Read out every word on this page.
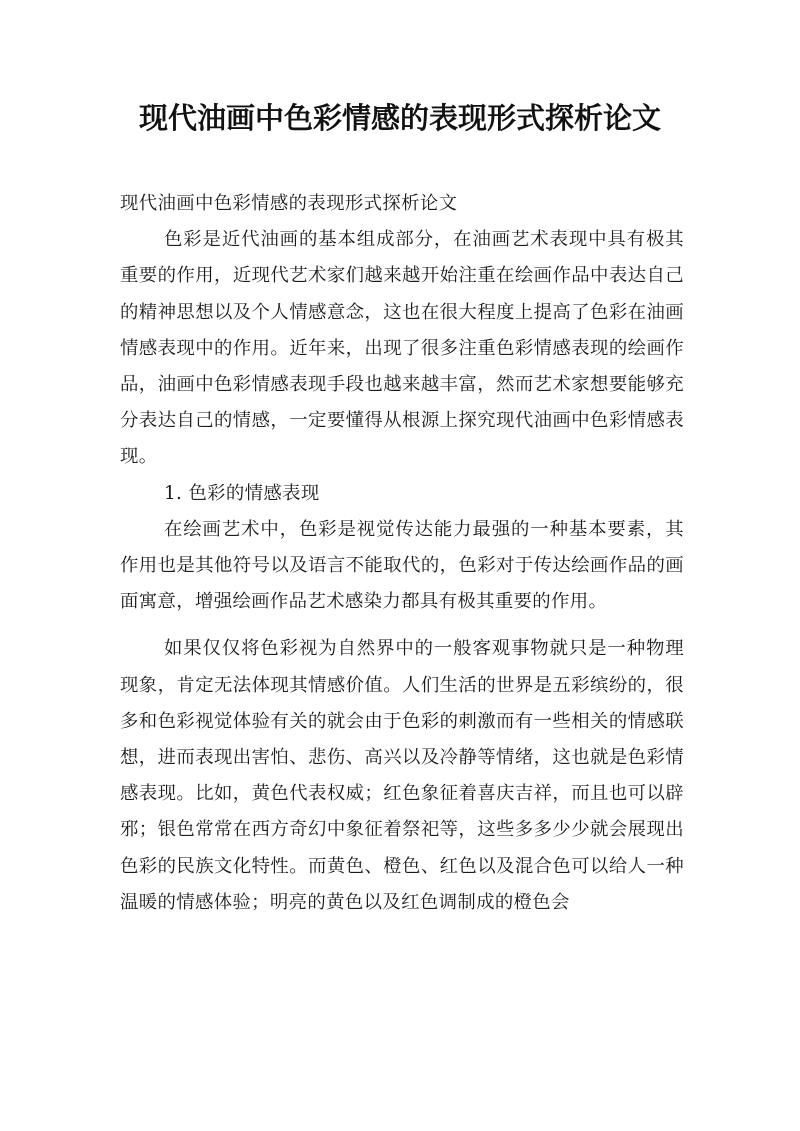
现代油画中色彩情感的表现形式探析论文

现代油画中色彩情感的表现形式探析论文

色彩是近代油画的基本组成部分，在油画艺术表现中具有极其重要的作用，近现代艺术家们越来越开始注重在绘画作品中表达自己的精神思想以及个人情感意念，这也在很大程度上提高了色彩在油画情感表现中的作用。近年来，出现了很多注重色彩情感表现的绘画作品，油画中色彩情感表现手段也越来越丰富，然而艺术家想要能够充分表达自己的情感，一定要懂得从根源上探究现代油画中色彩情感表现。

1. 色彩的情感表现

在绘画艺术中，色彩是视觉传达能力最强的一种基本要素，其作用也是其他符号以及语言不能取代的，色彩对于传达绘画作品的画面寓意，增强绘画作品艺术感染力都具有极其重要的作用。

如果仅仅将色彩视为自然界中的一般客观事物就只是一种物理现象，肯定无法体现其情感价值。人们生活的世界是五彩缤纷的，很多和色彩视觉体验有关的就会由于色彩的刺激而有一些相关的情感联想，进而表现出害怕、悲伤、高兴以及冷静等情绪，这也就是色彩情感表现。比如，黄色代表权威；红色象征着喜庆吉祥，而且也可以辟邪；银色常常在西方奇幻中象征着祭祀等，这些多多少少就会展现出色彩的民族文化特性。而黄色、橙色、红色以及混合色可以给人一种温暖的情感体验；明亮的黄色以及红色调制成的橙色会
